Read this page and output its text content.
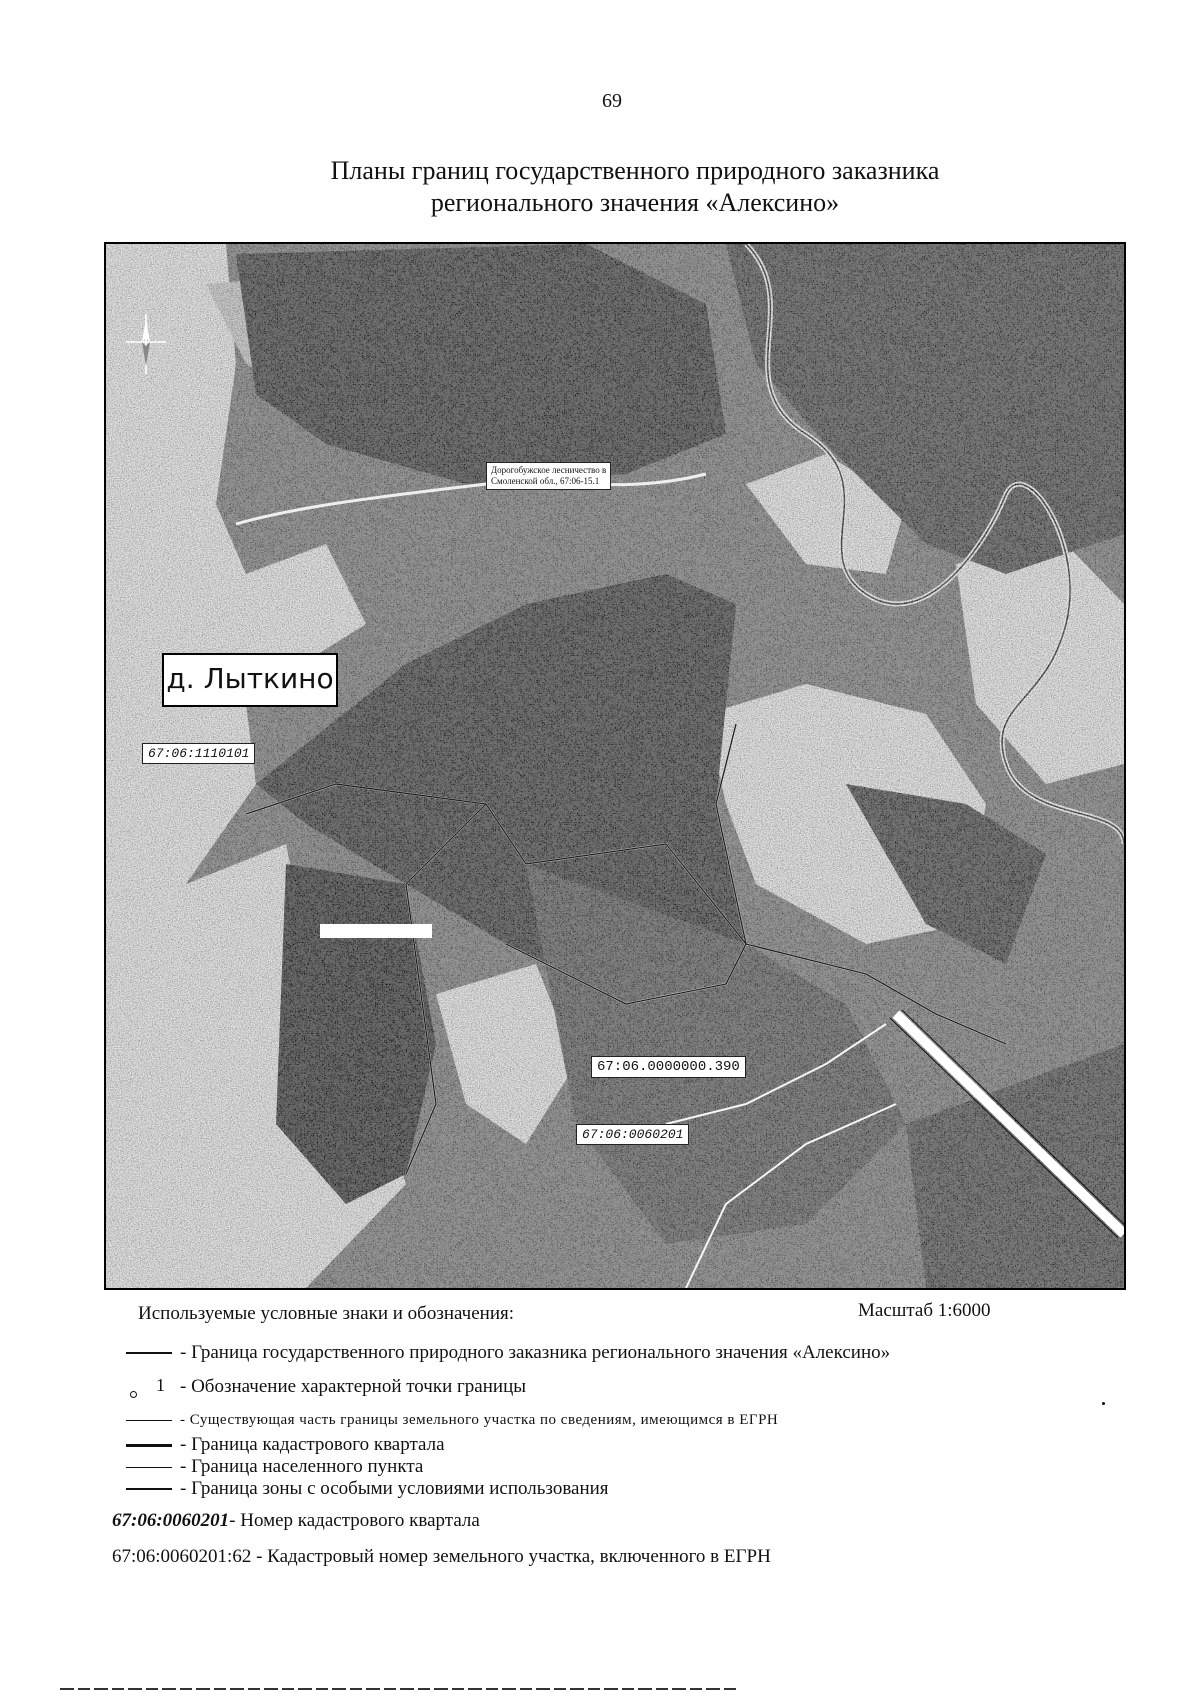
69
Планы границ государственного природного заказника
регионального значения «Алексино»
Дорогобужское лесничество в
Смоленской обл., 67:06-15.1
д. Лыткино
67:06:1110101
67:06.0000000.390
67:06:0060201
Используемые условные знаки и обозначения:	Масштаб 1:6000
- Граница государственного природного заказника регионального значения «Алексино»
1 - Обозначение характерной точки границы
- Существующая часть границы земельного участка по сведениям, имеющимся в ЕГРН
- Граница кадастрового квартала
- Граница населенного пункта
- Граница зоны с особыми условиями использования
67:06:0060201- Номер кадастрового квартала
67:06:0060201:62 - Кадастровый номер земельного участка, включенного в ЕГРН
